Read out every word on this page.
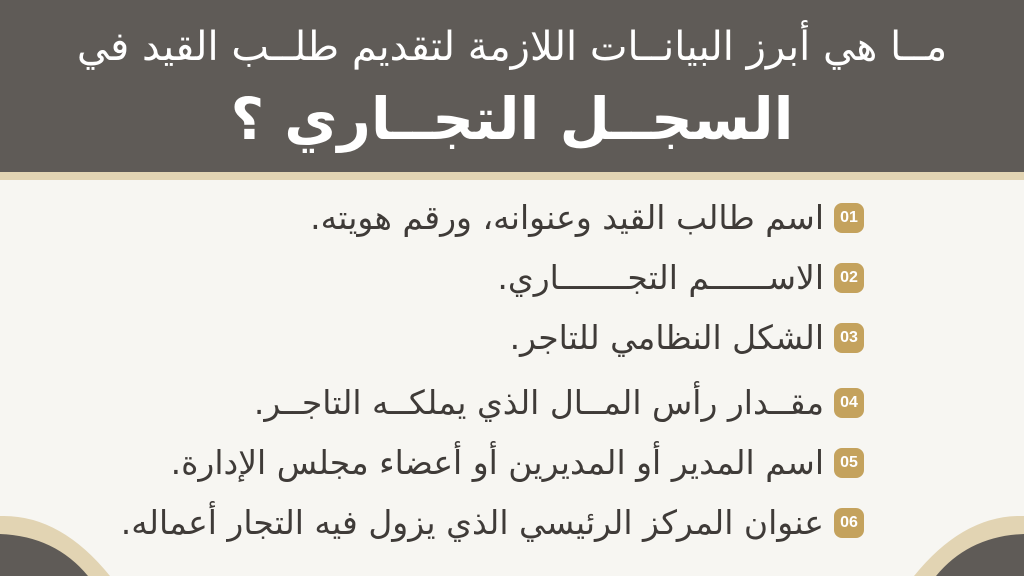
مــا هي أبرز البيانــات اللازمة لتقديم طلــب القيد في
السجــل التجــاري ؟
01
اسم طالب القيد وعنوانه، ورقم هويته.
02
الاســــــم التجـــــــاري.
03
الشكل النظامي للتاجر.
04
مقــدار رأس المــال الذي يملكــه التاجــر.
05
اسم المدير أو المديرين أو أعضاء مجلس الإدارة.
06
عنوان المركز الرئيسي الذي يزول فيه التجار أعماله.
